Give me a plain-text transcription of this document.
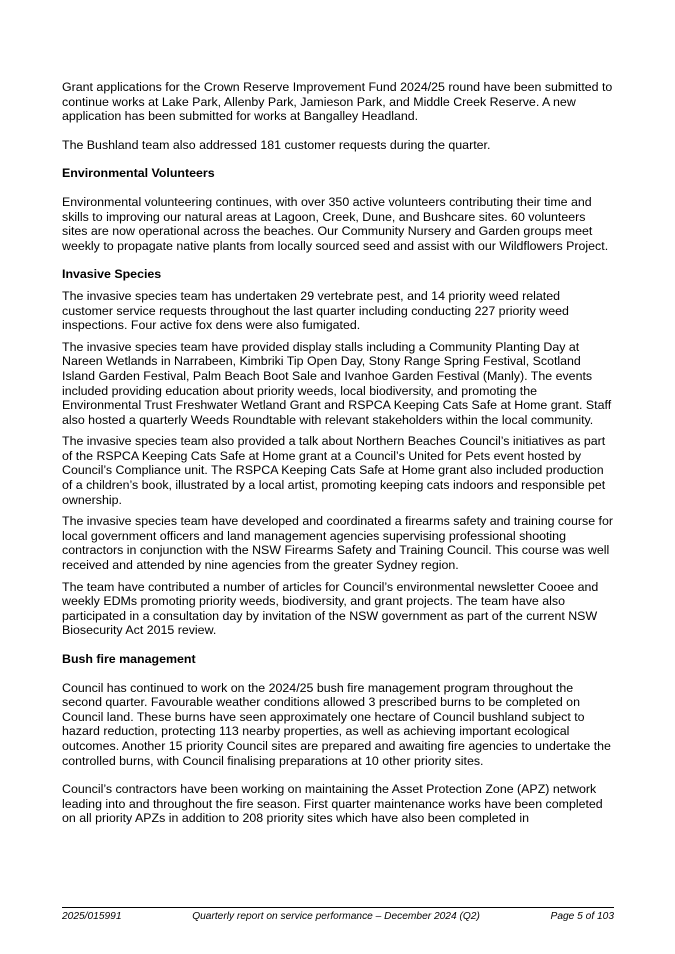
Grant applications for the Crown Reserve Improvement Fund 2024/25 round have been submitted to continue works at Lake Park, Allenby Park, Jamieson Park, and Middle Creek Reserve. A new application has been submitted for works at Bangalley Headland.

The Bushland team also addressed 181 customer requests during the quarter.

Environmental Volunteers

Environmental volunteering continues, with over 350 active volunteers contributing their time and skills to improving our natural areas at Lagoon, Creek, Dune, and Bushcare sites. 60 volunteers sites are now operational across the beaches. Our Community Nursery and Garden groups meet weekly to propagate native plants from locally sourced seed and assist with our Wildflowers Project.

Invasive Species

The invasive species team has undertaken 29 vertebrate pest, and 14 priority weed related customer service requests throughout the last quarter including conducting 227 priority weed inspections. Four active fox dens were also fumigated.

The invasive species team have provided display stalls including a Community Planting Day at Nareen Wetlands in Narrabeen, Kimbriki Tip Open Day, Stony Range Spring Festival, Scotland Island Garden Festival, Palm Beach Boot Sale and Ivanhoe Garden Festival (Manly). The events included providing education about priority weeds, local biodiversity, and promoting the Environmental Trust Freshwater Wetland Grant and RSPCA Keeping Cats Safe at Home grant. Staff also hosted a quarterly Weeds Roundtable with relevant stakeholders within the local community.

The invasive species team also provided a talk about Northern Beaches Council’s initiatives as part of the RSPCA Keeping Cats Safe at Home grant at a Council’s United for Pets event hosted by Council’s Compliance unit. The RSPCA Keeping Cats Safe at Home grant also included production of a children’s book, illustrated by a local artist, promoting keeping cats indoors and responsible pet ownership.

The invasive species team have developed and coordinated a firearms safety and training course for local government officers and land management agencies supervising professional shooting contractors in conjunction with the NSW Firearms Safety and Training Council. This course was well received and attended by nine agencies from the greater Sydney region.

The team have contributed a number of articles for Council’s environmental newsletter Cooee and weekly EDMs promoting priority weeds, biodiversity, and grant projects. The team have also participated in a consultation day by invitation of the NSW government as part of the current NSW Biosecurity Act 2015 review.

Bush fire management

Council has continued to work on the 2024/25 bush fire management program throughout the second quarter. Favourable weather conditions allowed 3 prescribed burns to be completed on Council land. These burns have seen approximately one hectare of Council bushland subject to hazard reduction, protecting 113 nearby properties, as well as achieving important ecological outcomes. Another 15 priority Council sites are prepared and awaiting fire agencies to undertake the controlled burns, with Council finalising preparations at 10 other priority sites.

Council’s contractors have been working on maintaining the Asset Protection Zone (APZ) network leading into and throughout the fire season. First quarter maintenance works have been completed on all priority APZs in addition to 208 priority sites which have also been completed in

2025/015991	Quarterly report on service performance – December 2024 (Q2)	Page 5 of 103
